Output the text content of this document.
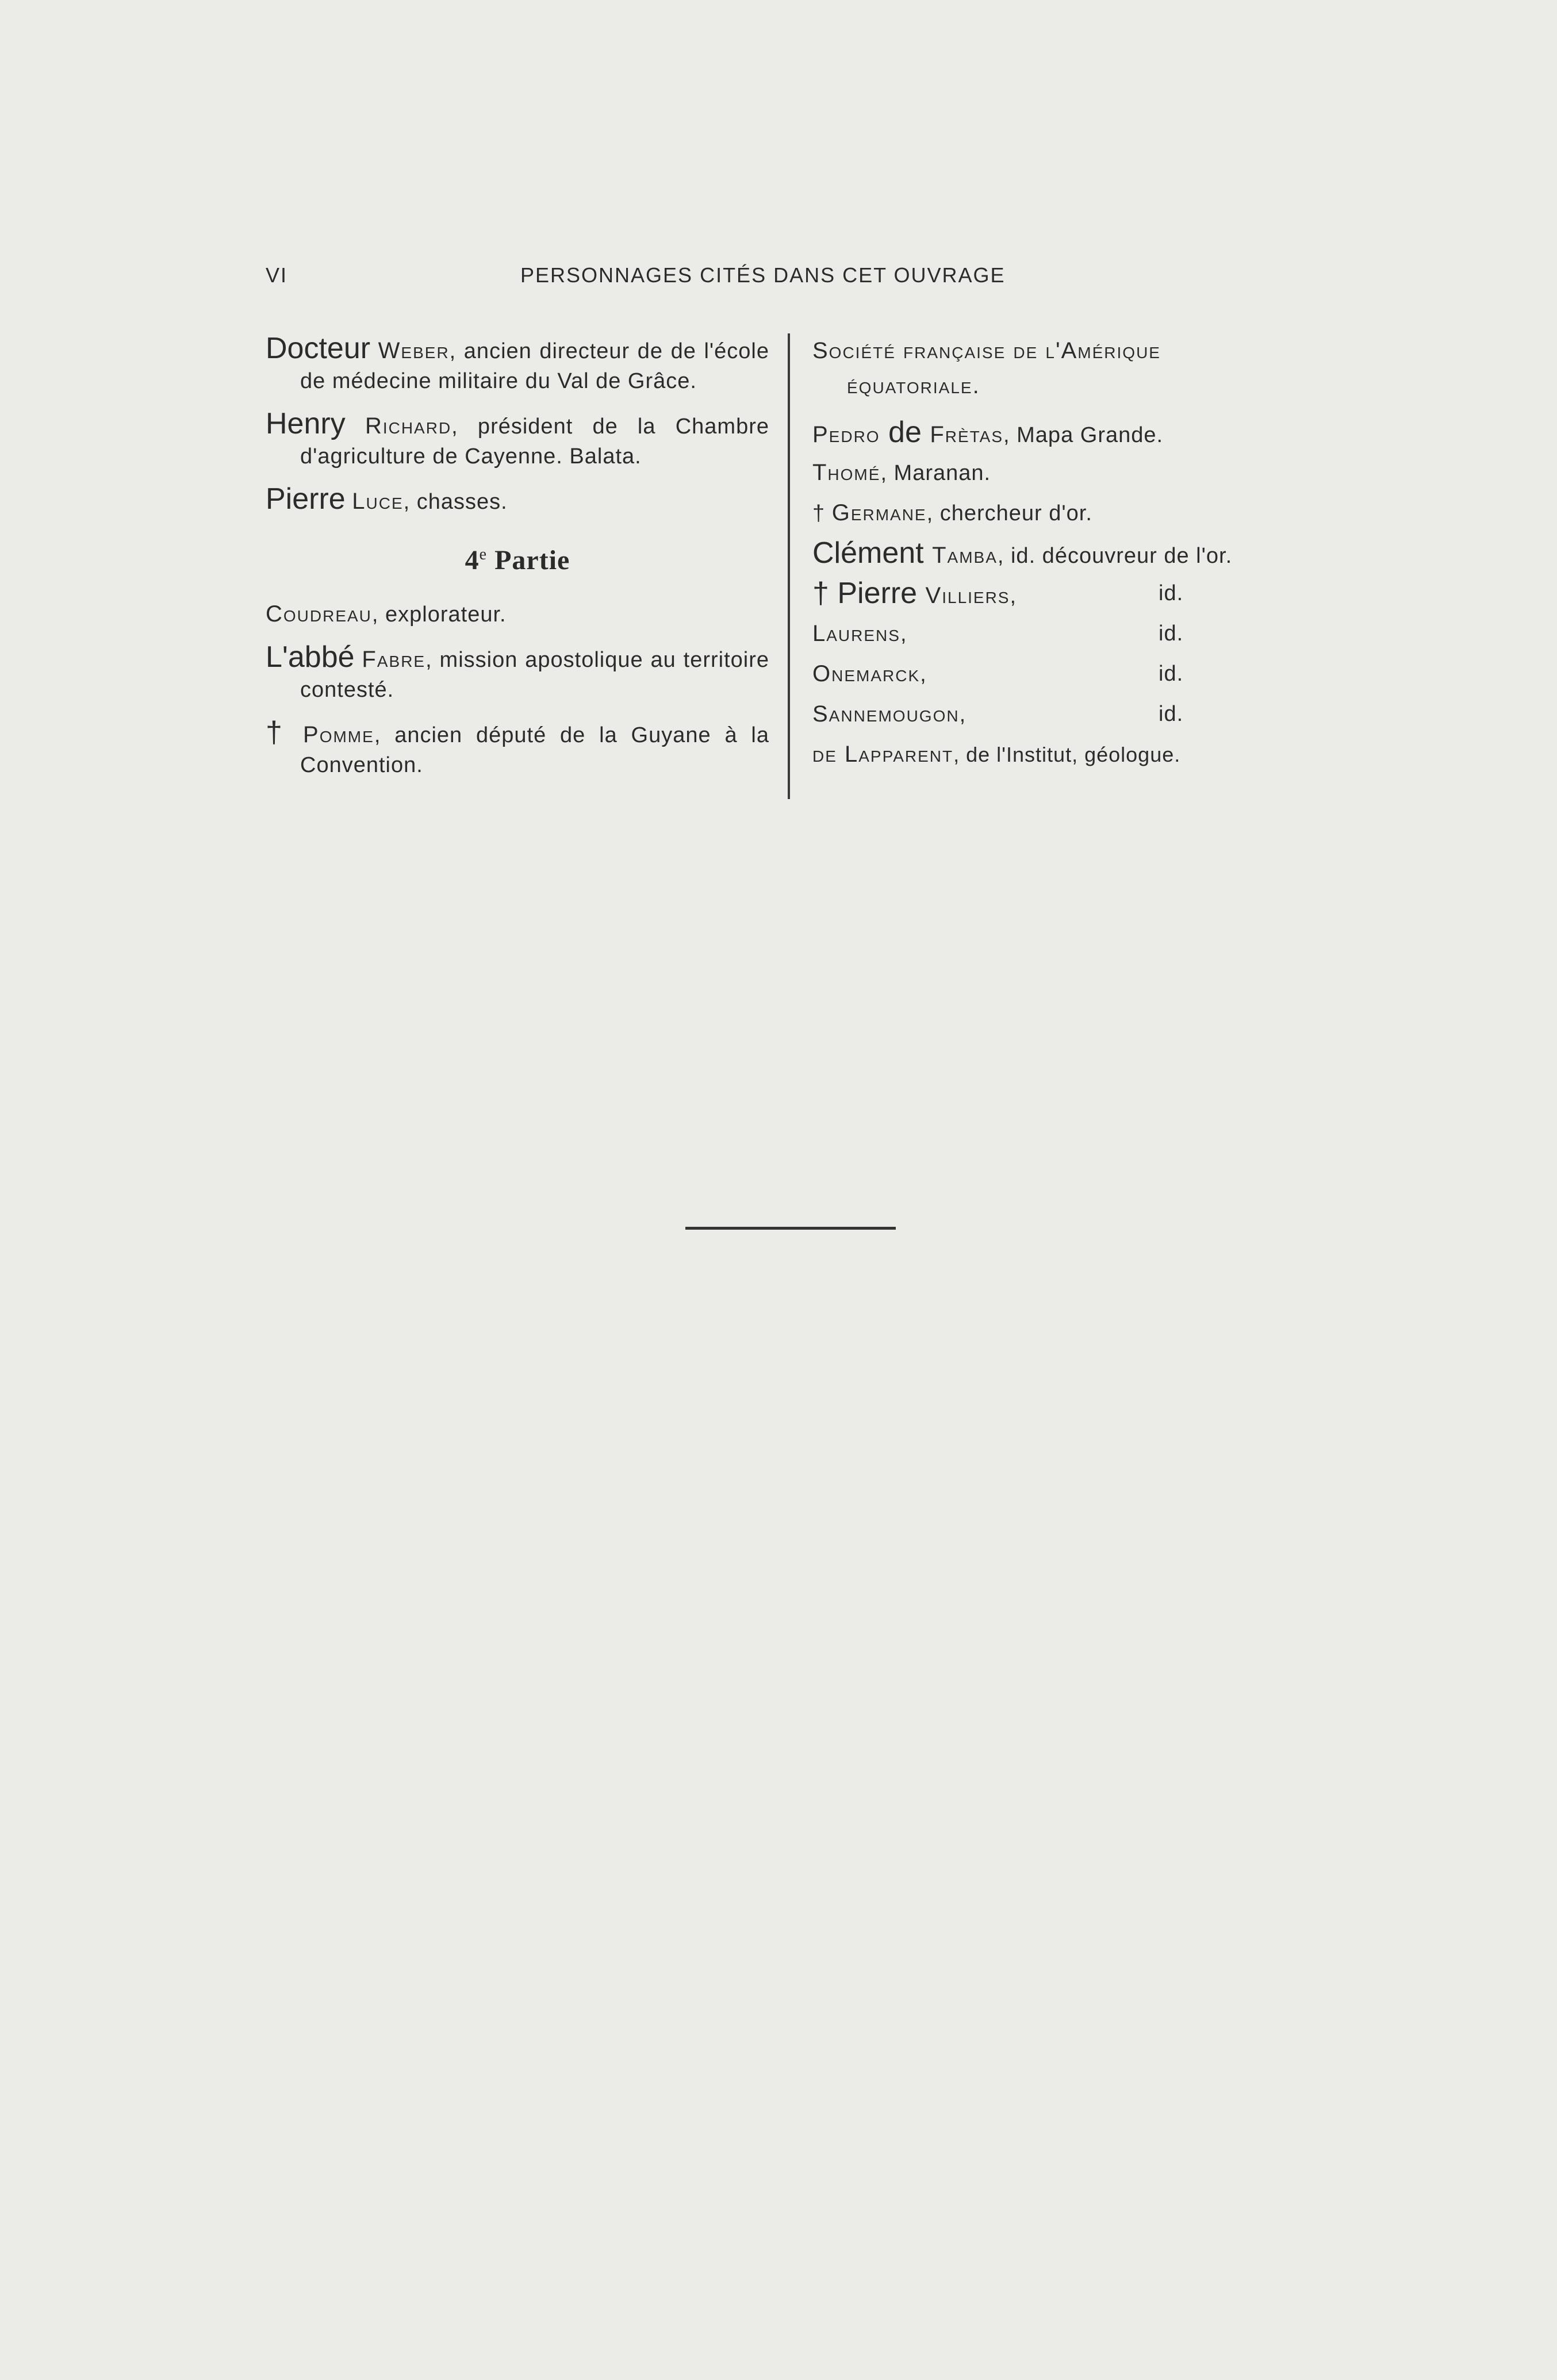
VI	PERSONNAGES CITÉS DANS CET OUVRAGE

Docteur Weber, ancien directeur de de l'école de médecine militaire du Val de Grâce.

Henry Richard, président de la Chambre d'agriculture de Cayenne. Balata.

Pierre Luce, chasses.

4e Partie

Coudreau, explorateur.

L'abbé Fabre, mission apostolique au territoire contesté.

† Pomme, ancien député de la Guyane à la Convention.

Société française de l'Amérique
équatoriale.
Pedro de Frètas, Mapa Grande.
Thomé, Maranan.
† Germane, chercheur d'or.
Clément Tamba, id. découvreur de l'or.
† Pierre Villiers,	id.
Laurens,	id.
Onemarck,	id.
Sannemougon,	id.
de Lapparent, de l'Institut, géologue.
